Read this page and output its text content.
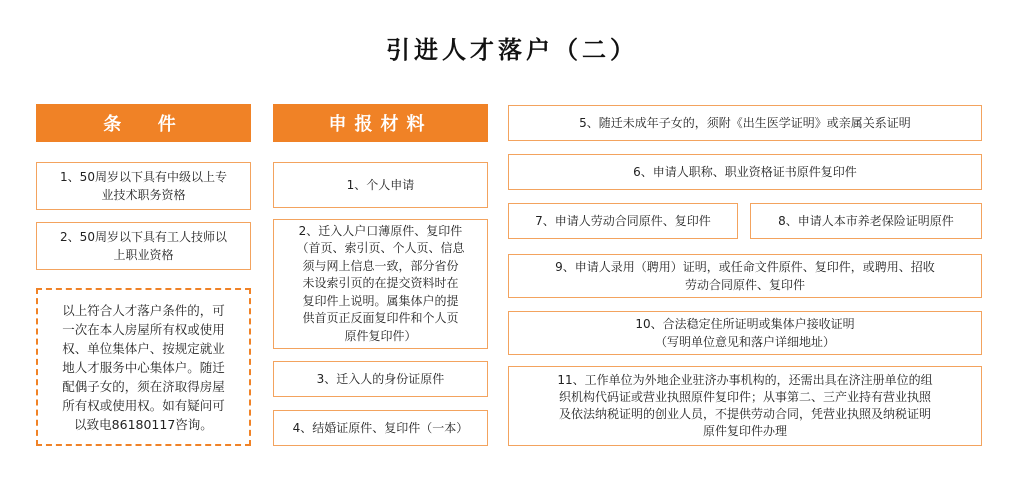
引进人才落户（二）
条  件
1、50周岁以下具有中级以上专
业技术职务资格
2、50周岁以下具有工人技师以
上职业资格
以上符合人才落户条件的，可
一次在本人房屋所有权或使用
权、单位集体户、按规定就业
地人才服务中心集体户。随迁
配偶子女的，须在济取得房屋
所有权或使用权。如有疑问可
以致电86180117咨询。
申报材料
1、个人申请
2、迁入人户口薄原件、复印件
（首页、索引页、个人页、信息
须与网上信息一致，部分省份
未设索引页的在提交资料时在
复印件上说明。属集体户的提
供首页正反面复印件和个人页
原件复印件）
3、迁入人的身份证原件
4、结婚证原件、复印件（一本）
5、随迁未成年子女的，须附《出生医学证明》或亲属关系证明
6、申请人职称、职业资格证书原件复印件
7、申请人劳动合同原件、复印件	8、申请人本市养老保险证明原件
9、申请人录用（聘用）证明，或任命文件原件、复印件，或聘用、招收
劳动合同原件、复印件
10、合法稳定住所证明或集体户接收证明
（写明单位意见和落户详细地址）
11、工作单位为外地企业驻济办事机构的，还需出具在济注册单位的组
织机构代码证或营业执照原件复印件；从事第二、三产业持有营业执照
及依法纳税证明的创业人员，不提供劳动合同，凭营业执照及纳税证明
原件复印件办理
